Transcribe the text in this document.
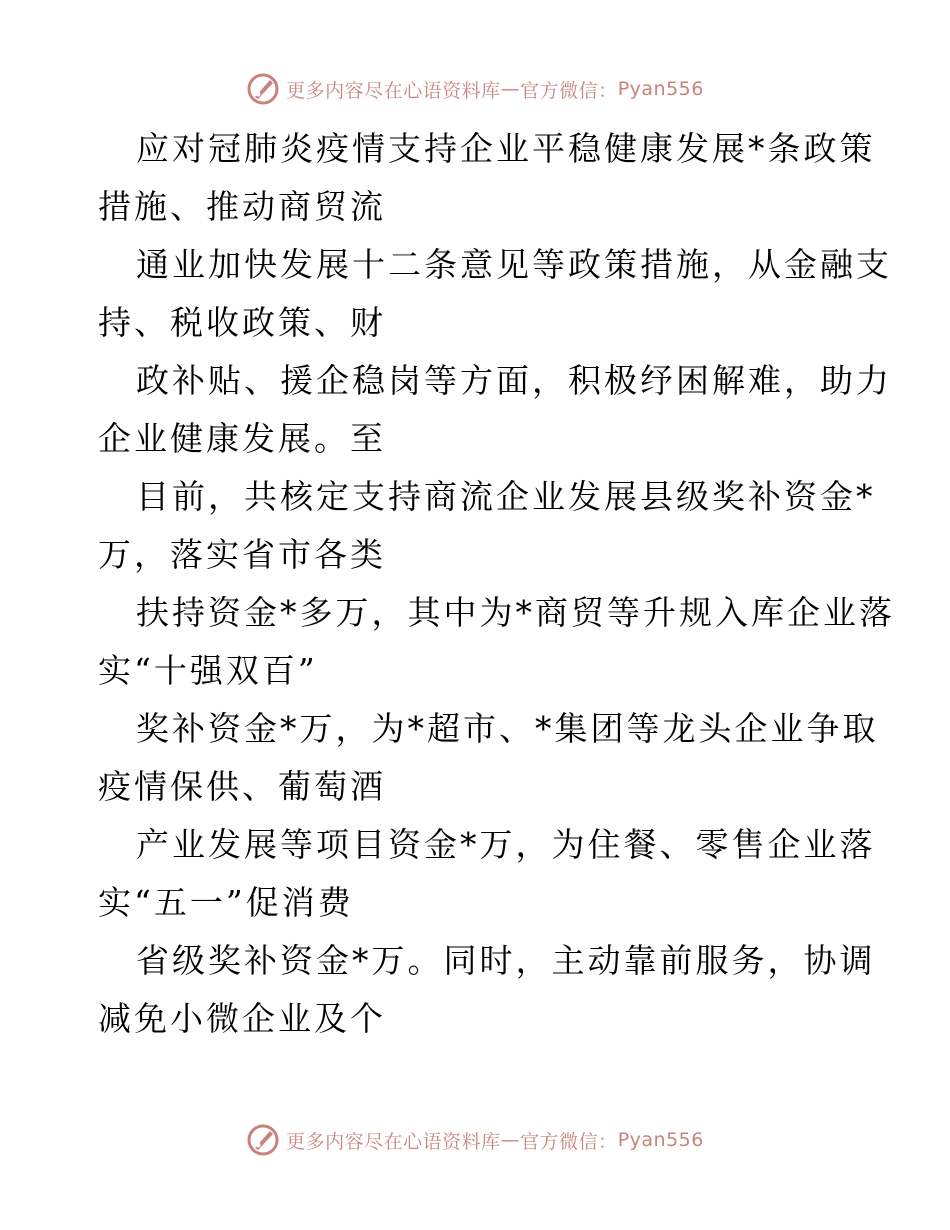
更多内容尽在心语资料库 — 官方微信： Pyan556
应对冠肺炎疫情支持企业平稳健康发展*条政策
措施、推动商贸流
通业加快发展十二条意见等政策措施，从金融支
持、税收政策、财
政补贴、援企稳岗等方面，积极纾困解难，助力
企业健康发展。至
目前，共核定支持商流企业发展县级奖补资金*
万，落实省市各类
扶持资金*多万，其中为*商贸等升规入库企业落
实“十强双百”
奖补资金*万，为*超市、*集团等龙头企业争取
疫情保供、葡萄酒
产业发展等项目资金*万，为住餐、零售企业落
实“五一”促消费
省级奖补资金*万。同时，主动靠前服务，协调
减免小微企业及个
更多内容尽在心语资料库 — 官方微信： Pyan556
